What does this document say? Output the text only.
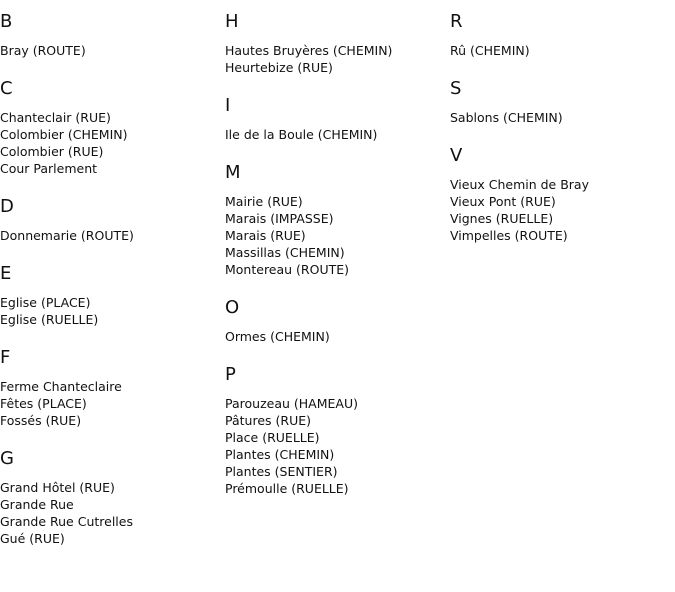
B
Bray (ROUTE)
C
Chanteclair (RUE)
Colombier (CHEMIN)
Colombier (RUE)
Cour Parlement
D
Donnemarie (ROUTE)
E
Eglise (PLACE)
Eglise (RUELLE)
F
Ferme Chanteclaire
Fêtes (PLACE)
Fossés (RUE)
G
Grand Hôtel (RUE)
Grande Rue
Grande Rue Cutrelles
Gué (RUE)
H
Hautes Bruyères (CHEMIN)
Heurtebize (RUE)
I
Ile de la Boule (CHEMIN)
M
Mairie (RUE)
Marais (IMPASSE)
Marais (RUE)
Massillas (CHEMIN)
Montereau (ROUTE)
O
Ormes (CHEMIN)
P
Parouzeau (HAMEAU)
Pâtures (RUE)
Place (RUELLE)
Plantes (CHEMIN)
Plantes (SENTIER)
Prémoulle (RUELLE)
R
Rû (CHEMIN)
S
Sablons (CHEMIN)
V
Vieux Chemin de Bray
Vieux Pont (RUE)
Vignes (RUELLE)
Vimpelles (ROUTE)
